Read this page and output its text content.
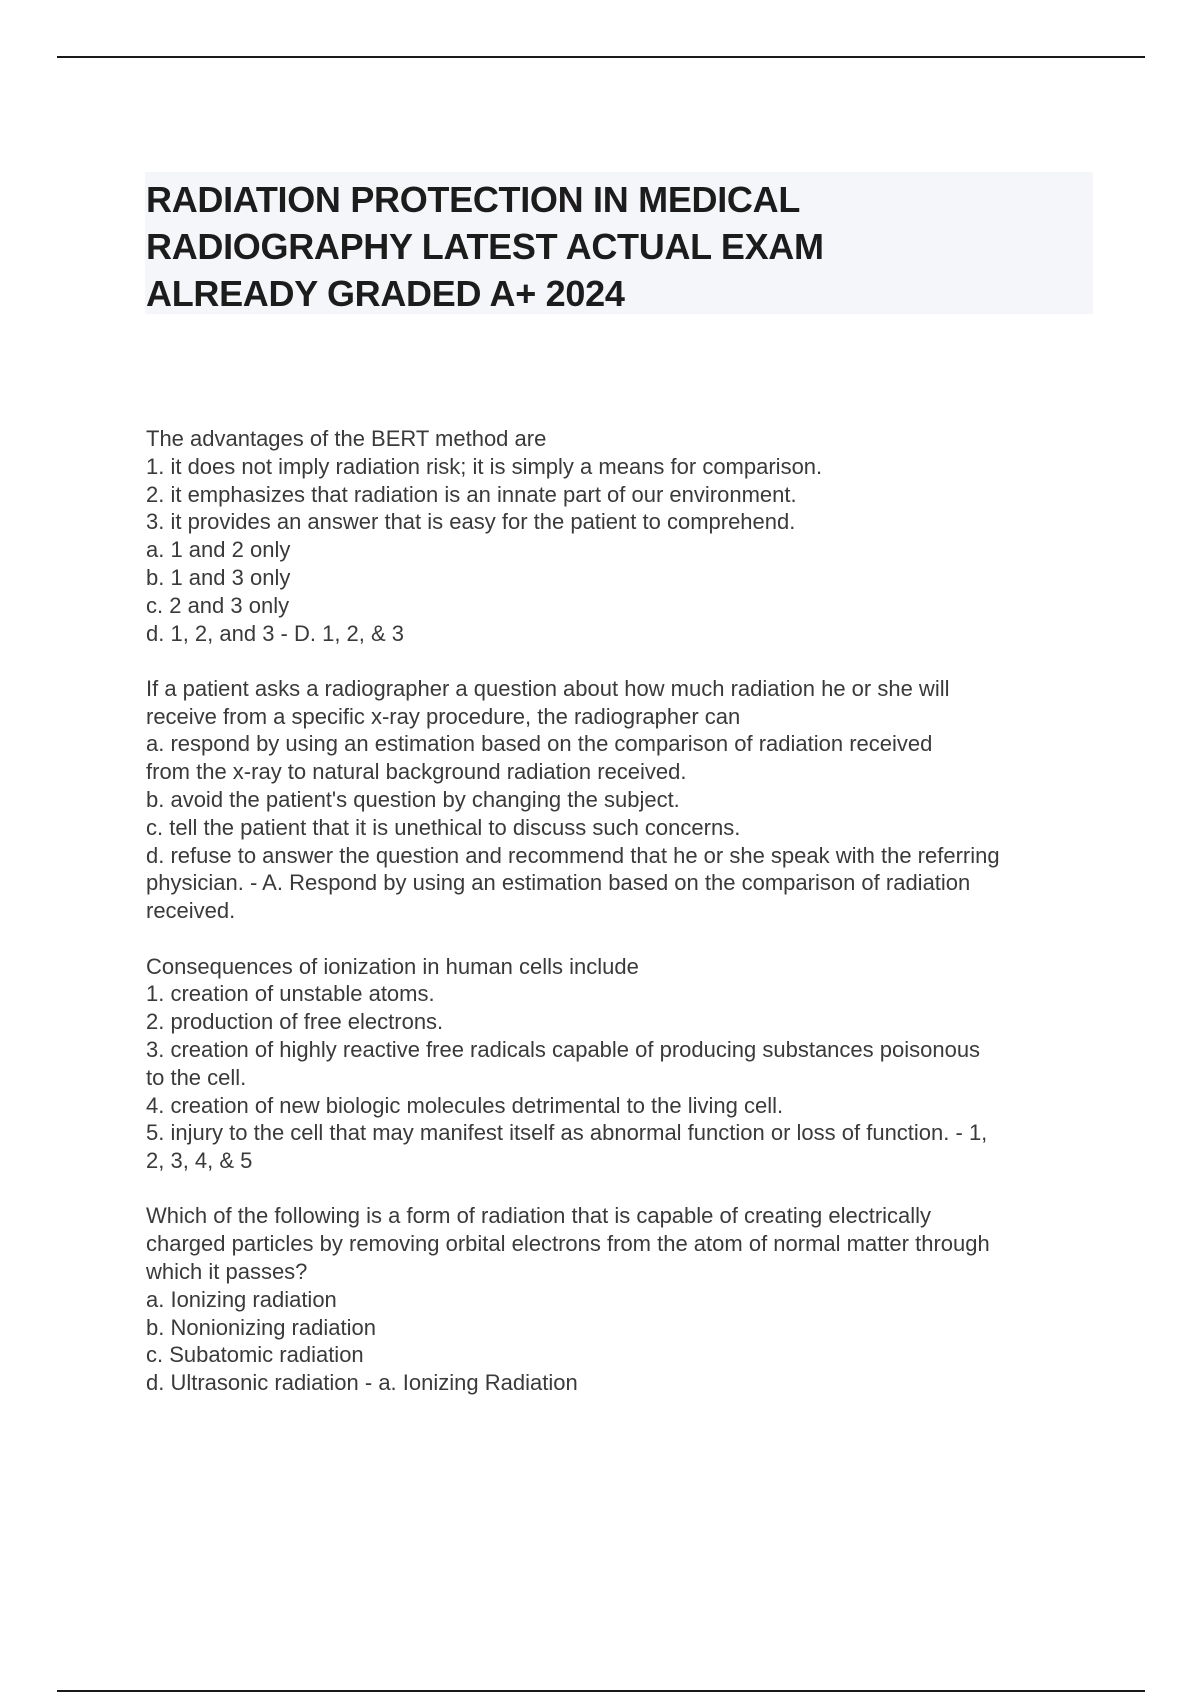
RADIATION PROTECTION IN MEDICAL
RADIOGRAPHY LATEST ACTUAL EXAM
ALREADY GRADED A+ 2024
The advantages of the BERT method are
1. it does not imply radiation risk; it is simply a means for comparison.
2. it emphasizes that radiation is an innate part of our environment.
3. it provides an answer that is easy for the patient to comprehend.
a. 1 and 2 only
b. 1 and 3 only
c. 2 and 3 only
d. 1, 2, and 3 - D. 1, 2, & 3
If a patient asks a radiographer a question about how much radiation he or she will
receive from a specific x-ray procedure, the radiographer can
a. respond by using an estimation based on the comparison of radiation received
from the x-ray to natural background radiation received.
b. avoid the patient's question by changing the subject.
c. tell the patient that it is unethical to discuss such concerns.
d. refuse to answer the question and recommend that he or she speak with the referring
physician. - A. Respond by using an estimation based on the comparison of radiation
received.
Consequences of ionization in human cells include
1. creation of unstable atoms.
2. production of free electrons.
3. creation of highly reactive free radicals capable of producing substances poisonous
to the cell.
4. creation of new biologic molecules detrimental to the living cell.
5. injury to the cell that may manifest itself as abnormal function or loss of function. - 1,
2, 3, 4, & 5
Which of the following is a form of radiation that is capable of creating electrically
charged particles by removing orbital electrons from the atom of normal matter through
which it passes?
a. Ionizing radiation
b. Nonionizing radiation
c. Subatomic radiation
d. Ultrasonic radiation - a. Ionizing Radiation
